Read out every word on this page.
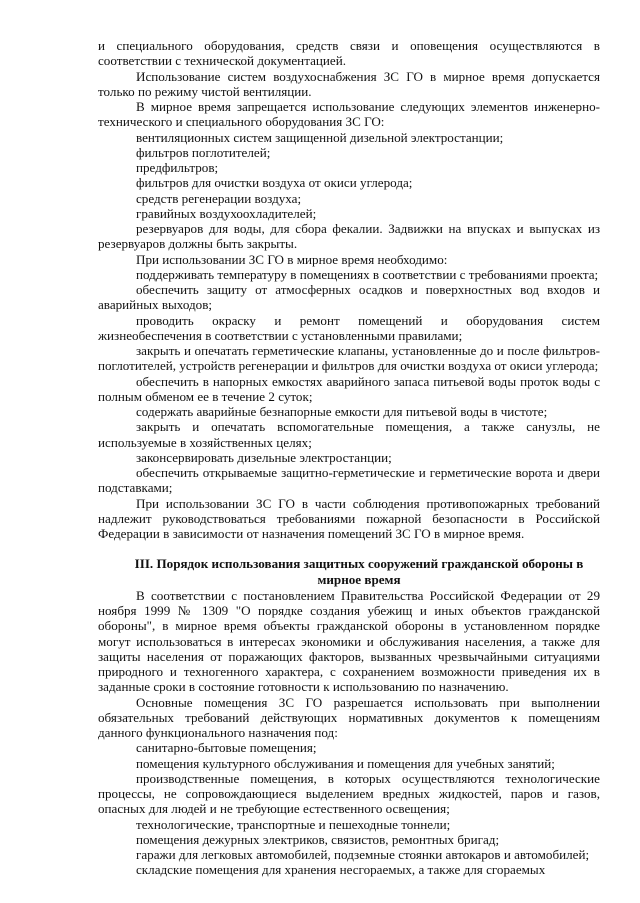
и специального оборудования, средств связи и оповещения осуществляются в соответствии с технической документацией.

Использование систем воздухоснабжения ЗС ГО в мирное время допускается только по режиму чистой вентиляции.

В мирное время запрещается использование следующих элементов инженерно-технического и специального оборудования ЗС ГО:

вентиляционных систем защищенной дизельной электростанции;

фильтров поглотителей;

предфильтров;

фильтров для очистки воздуха от окиси углерода;

средств регенерации воздуха;

гравийных воздухоохладителей;

резервуаров для воды, для сбора фекалии. Задвижки на впусках и выпусках из резервуаров должны быть закрыты.

При использовании ЗС ГО в мирное время необходимо:

поддерживать температуру в помещениях в соответствии с требованиями проекта;

обеспечить защиту от атмосферных осадков и поверхностных вод входов и аварийных выходов;

проводить окраску и ремонт помещений и оборудования систем жизнеобеспечения в соответствии с установленными правилами;

закрыть и опечатать герметические клапаны, установленные до и после фильтров-поглотителей, устройств регенерации и фильтров для очистки воздуха от окиси углерода;

обеспечить в напорных емкостях аварийного запаса питьевой воды проток воды с полным обменом ее в течение 2 суток;

содержать аварийные безнапорные емкости для питьевой воды в чистоте;

закрыть и опечатать вспомогательные помещения, а также санузлы, не используемые в хозяйственных целях;

законсервировать дизельные электростанции;

обеспечить открываемые защитно-герметические и герметические ворота и двери подставками;

При использовании ЗС ГО в части соблюдения противопожарных требований надлежит руководствоваться требованиями пожарной безопасности в Российской Федерации в зависимости от назначения помещений ЗС ГО в мирное время.

III. Порядок использования защитных сооружений гражданской обороны в мирное время

В соответствии с постановлением Правительства Российской Федерации от 29 ноября 1999 № 1309 "О порядке создания убежищ и иных объектов гражданской обороны", в мирное время объекты гражданской обороны в установленном порядке могут использоваться в интересах экономики и обслуживания населения, а также для защиты населения от поражающих факторов, вызванных чрезвычайными ситуациями природного и техногенного характера, с сохранением возможности приведения их в заданные сроки в состояние готовности к использованию по назначению.

Основные помещения ЗС ГО разрешается использовать при выполнении обязательных требований действующих нормативных документов к помещениям данного функционального назначения под:

санитарно-бытовые помещения;

помещения культурного обслуживания и помещения для учебных занятий;

производственные помещения, в которых осуществляются технологические процессы, не сопровождающиеся выделением вредных жидкостей, паров и газов, опасных для людей и не требующие естественного освещения;

технологические, транспортные и пешеходные тоннели;

помещения дежурных электриков, связистов, ремонтных бригад;

гаражи для легковых автомобилей, подземные стоянки автокаров и автомобилей;

складские помещения для хранения несгораемых, а также для сгораемых
